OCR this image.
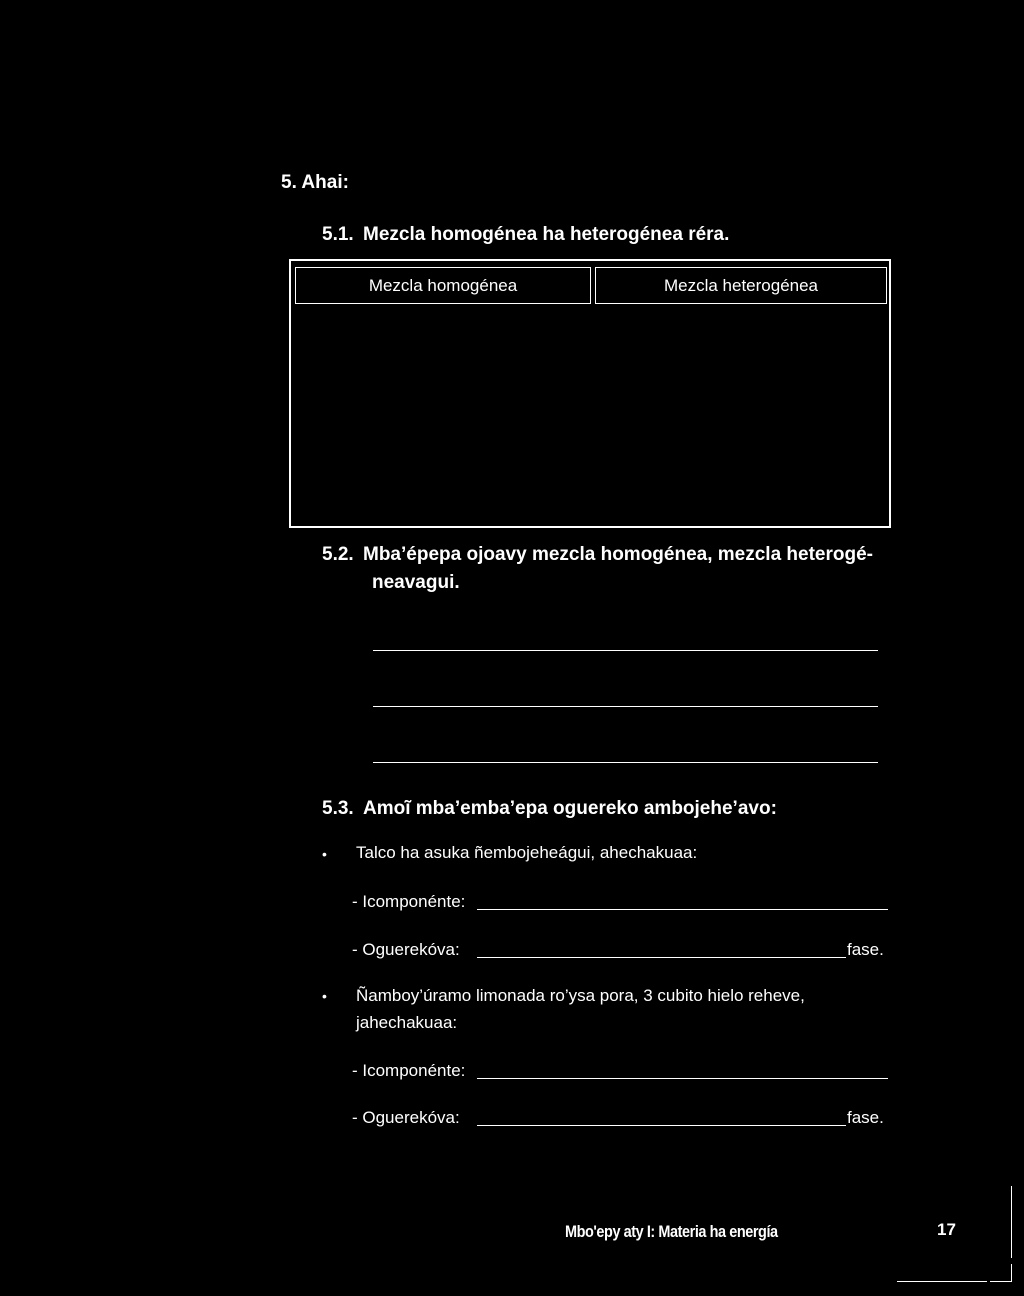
5. Ahai:
5.1. Mezcla homogénea ha heterogénea réra.
Mezcla homogénea	Mezcla heterogénea
5.2. Mba’épepa ojoavy mezcla homogénea, mezcla heterogé-
neavagui.
5.3. Amoĩ mba’emba’epa oguereko ambojehe’avo:
• Talco ha asuka ñembojeheágui, ahechakuaa:
- Icomponénte:
- Oguerekóva:	fase.
• Ñamboy’úramo limonada ro’ysa pora, 3 cubito hielo reheve,
jahechakuaa:
- Icomponénte:
- Oguerekóva:	fase.
Mbo'epy aty I: Materia ha energía	17
